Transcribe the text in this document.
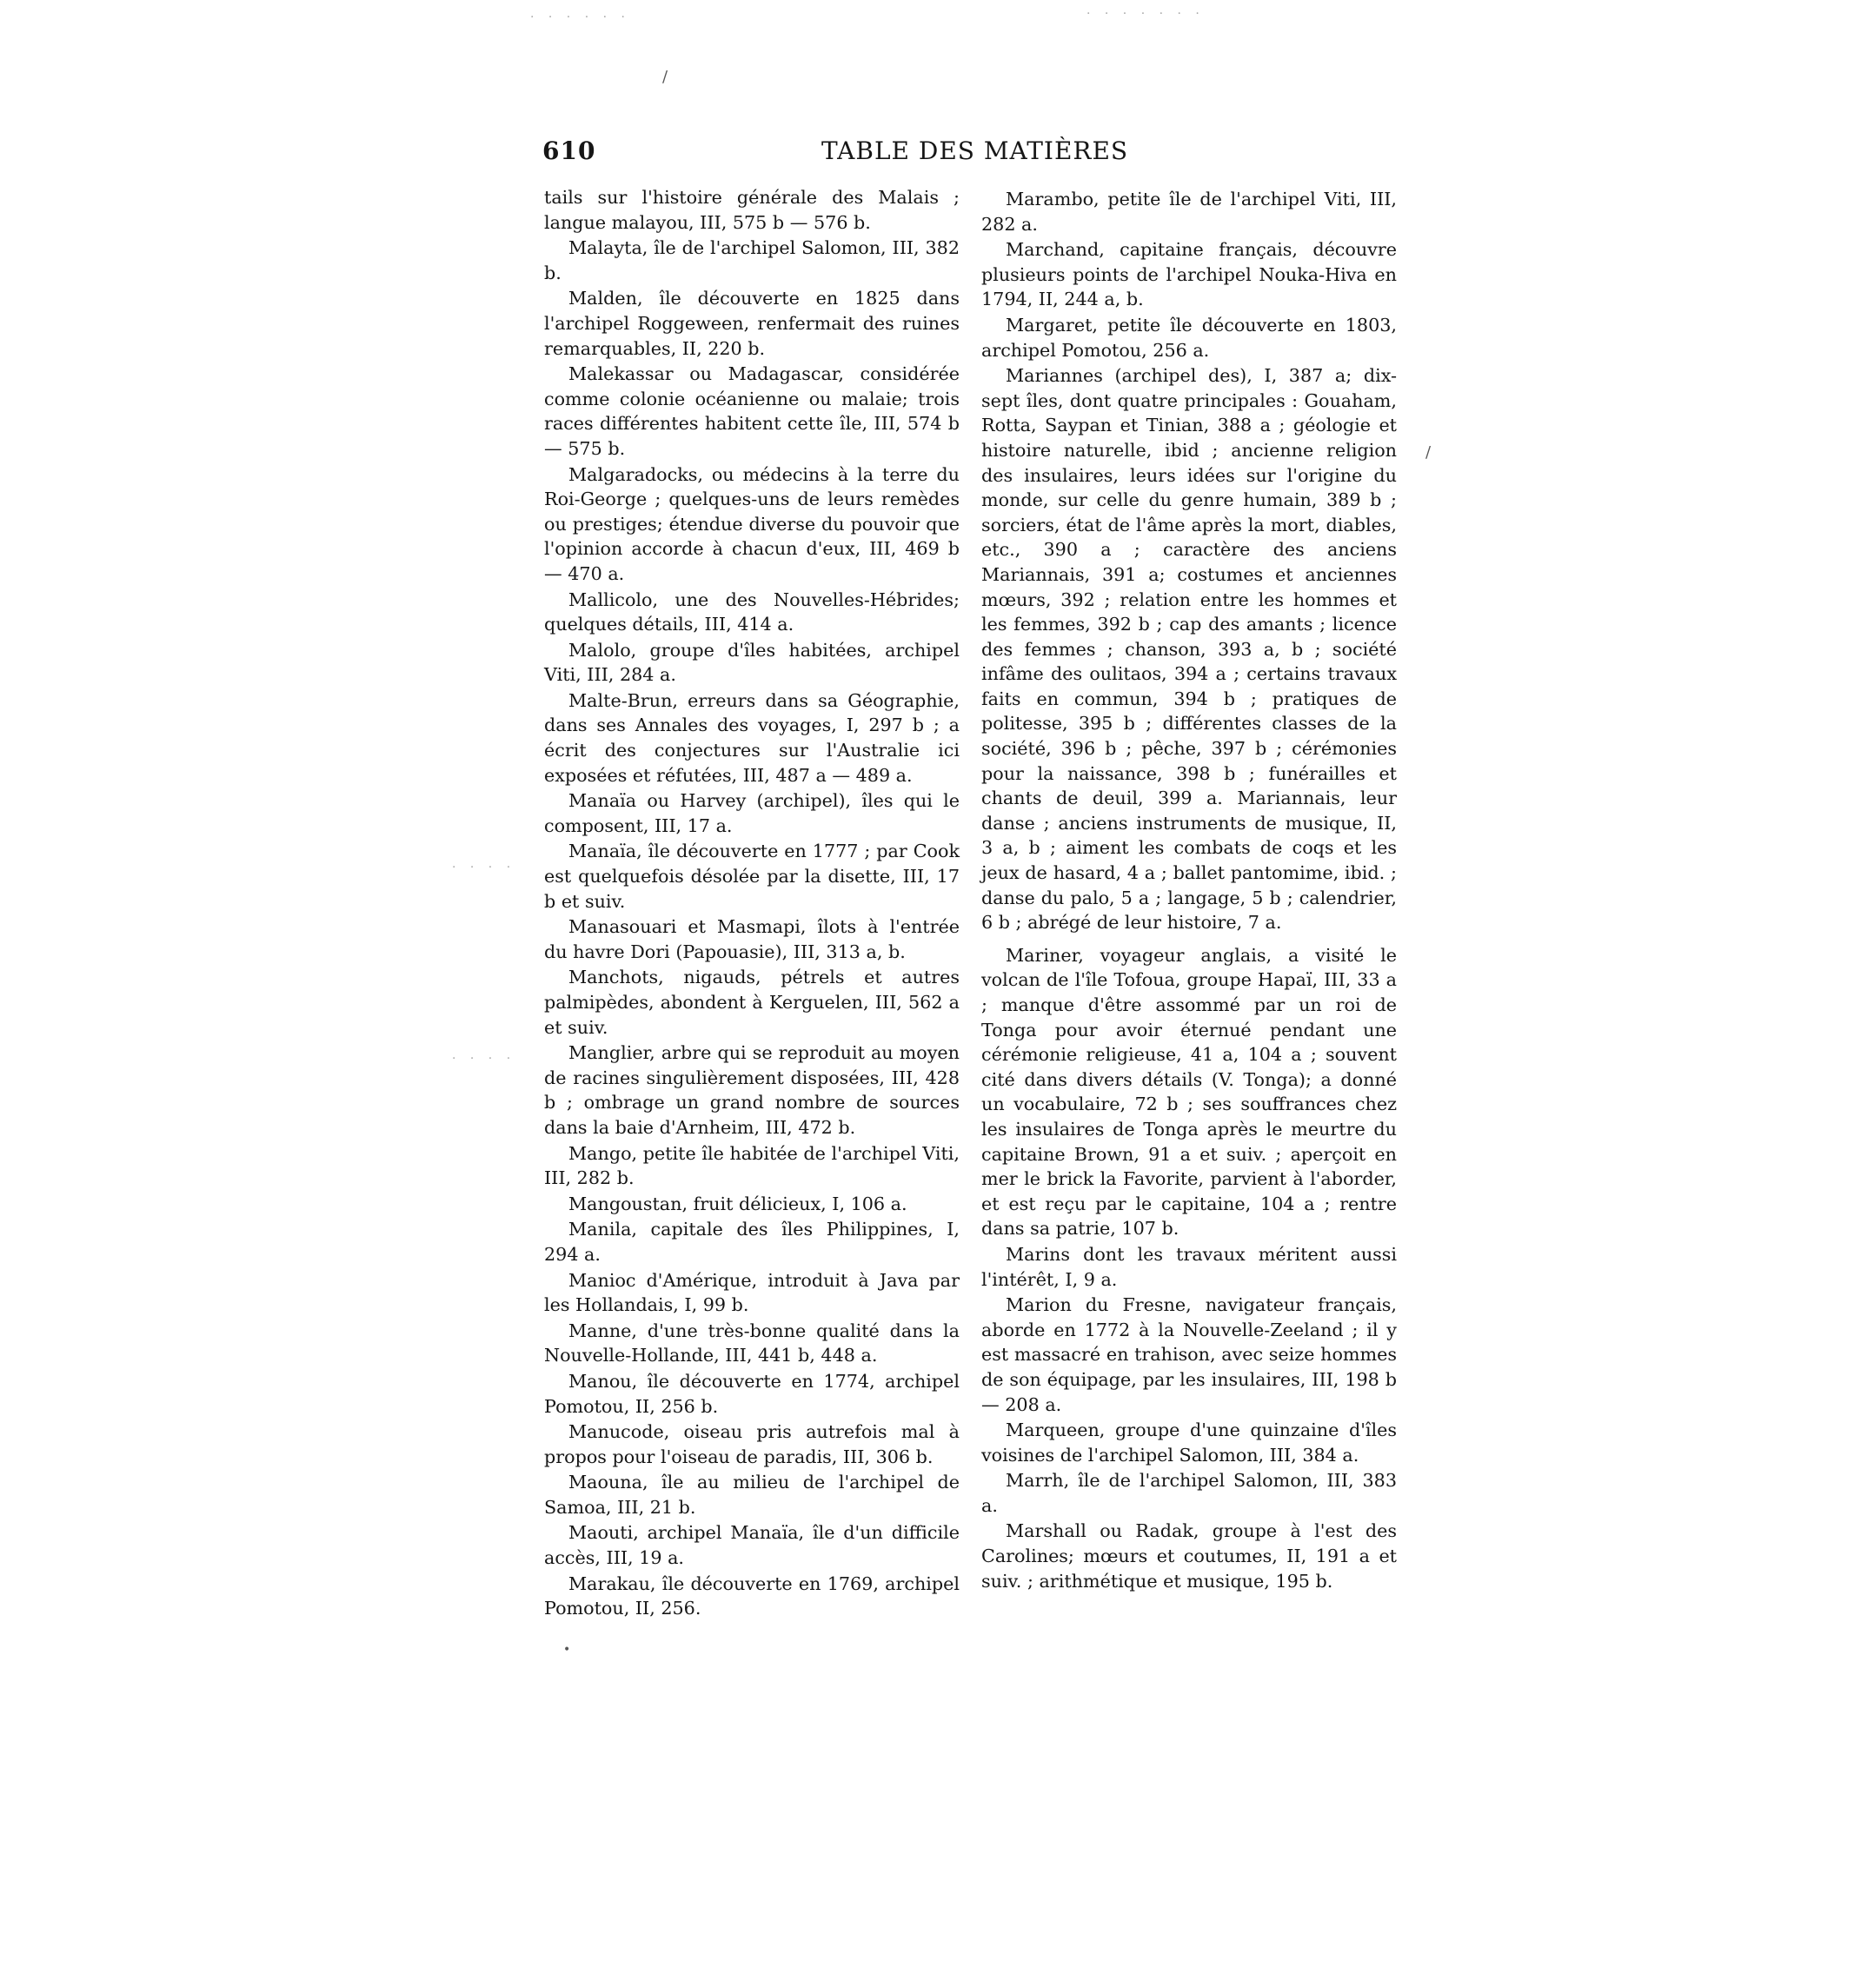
610	TABLE DES MATIÈRES
tails sur l'histoire générale des Malais ; langue malayou, III, 575 b — 576 b.
Malayta, île de l'archipel Salomon, III, 382 b.
Malden, île découverte en 1825 dans l'archipel Roggeween, renfermait des ruines remarquables, II, 220 b.
Malekassar ou Madagascar, considérée comme colonie océanienne ou malaie; trois races différentes habitent cette île, III, 574 b — 575 b.
Malgaradocks, ou médecins à la terre du Roi-George ; quelques-uns de leurs remèdes ou prestiges; étendue diverse du pouvoir que l'opinion accorde à chacun d'eux, III, 469 b — 470 a.
Mallicolo, une des Nouvelles-Hébrides; quelques détails, III, 414 a.
Malolo, groupe d'îles habitées, archipel Viti, III, 284 a.
Malte-Brun, erreurs dans sa Géographie, dans ses Annales des voyages, I, 297 b ; a écrit des conjectures sur l'Australie ici exposées et réfutées, III, 487 a — 489 a.
Manaïa ou Harvey (archipel), îles qui le composent, III, 17 a.
Manaïa, île découverte en 1777 ; par Cook est quelquefois désolée par la disette, III, 17 b et suiv.
Manasouari et Masmapi, îlots à l'entrée du havre Dori (Papouasie), III, 313 a, b.
Manchots, nigauds, pétrels et autres palmipèdes, abondent à Kerguelen, III, 562 a et suiv.
Manglier, arbre qui se reproduit au moyen de racines singulièrement disposées, III, 428 b ; ombrage un grand nombre de sources dans la baie d'Arnheim, III, 472 b.
Mango, petite île habitée de l'archipel Viti, III, 282 b.
Mangoustan, fruit délicieux, I, 106 a.
Manila, capitale des îles Philippines, I, 294 a.
Manioc d'Amérique, introduit à Java par les Hollandais, I, 99 b.
Manne, d'une très-bonne qualité dans la Nouvelle-Hollande, III, 441 b, 448 a.
Manou, île découverte en 1774, archipel Pomotou, II, 256 b.
Manucode, oiseau pris autrefois mal à propos pour l'oiseau de paradis, III, 306 b.
Maouna, île au milieu de l'archipel de Samoa, III, 21 b.
Maouti, archipel Manaïa, île d'un difficile accès, III, 19 a.
Marakau, île découverte en 1769, archipel Pomotou, II, 256.
Marambo, petite île de l'archipel Viti, III, 282 a.
Marchand, capitaine français, découvre plusieurs points de l'archipel Nouka-Hiva en 1794, II, 244 a, b.
Margaret, petite île découverte en 1803, archipel Pomotou, 256 a.
Mariannes (archipel des), I, 387 a; dix-sept îles, dont quatre principales : Gouaham, Rotta, Saypan et Tinian, 388 a ; géologie et histoire naturelle, ibid ; ancienne religion des insulaires, leurs idées sur l'origine du monde, sur celle du genre humain, 389 b ; sorciers, état de l'âme après la mort, diables, etc., 390 a ; caractère des anciens Mariannais, 391 a; costumes et anciennes mœurs, 392 ; relation entre les hommes et les femmes, 392 b ; cap des amants ; licence des femmes ; chanson, 393 a, b ; société infâme des oulitaos, 394 a ; certains travaux faits en commun, 394 b ; pratiques de politesse, 395 b ; différentes classes de la société, 396 b ; pêche, 397 b ; cérémonies pour la naissance, 398 b ; funérailles et chants de deuil, 399 a. Mariannais, leur danse ; anciens instruments de musique, II, 3 a, b ; aiment les combats de coqs et les jeux de hasard, 4 a ; ballet pantomime, ibid. ; danse du palo, 5 a ; langage, 5 b ; calendrier, 6 b ; abrégé de leur histoire, 7 a.
Mariner, voyageur anglais, a visité le volcan de l'île Tofoua, groupe Hapaï, III, 33 a ; manque d'être assommé par un roi de Tonga pour avoir éternué pendant une cérémonie religieuse, 41 a, 104 a ; souvent cité dans divers détails (V. Tonga); a donné un vocabulaire, 72 b ; ses souffrances chez les insulaires de Tonga après le meurtre du capitaine Brown, 91 a et suiv. ; aperçoit en mer le brick la Favorite, parvient à l'aborder, et est reçu par le capitaine, 104 a ; rentre dans sa patrie, 107 b.
Marins dont les travaux méritent aussi l'intérêt, I, 9 a.
Marion du Fresne, navigateur français, aborde en 1772 à la Nouvelle-Zeeland ; il y est massacré en trahison, avec seize hommes de son équipage, par les insulaires, III, 198 b — 208 a.
Marqueen, groupe d'une quinzaine d'îles voisines de l'archipel Salomon, III, 384 a.
Marrh, île de l'archipel Salomon, III, 383 a.
Marshall ou Radak, groupe à l'est des Carolines; mœurs et coutumes, II, 191 a et suiv. ; arithmétique et musique, 195 b.
/
/
•
· · · · · ·	· · · · · · ·
· · · ·
· · · ·
